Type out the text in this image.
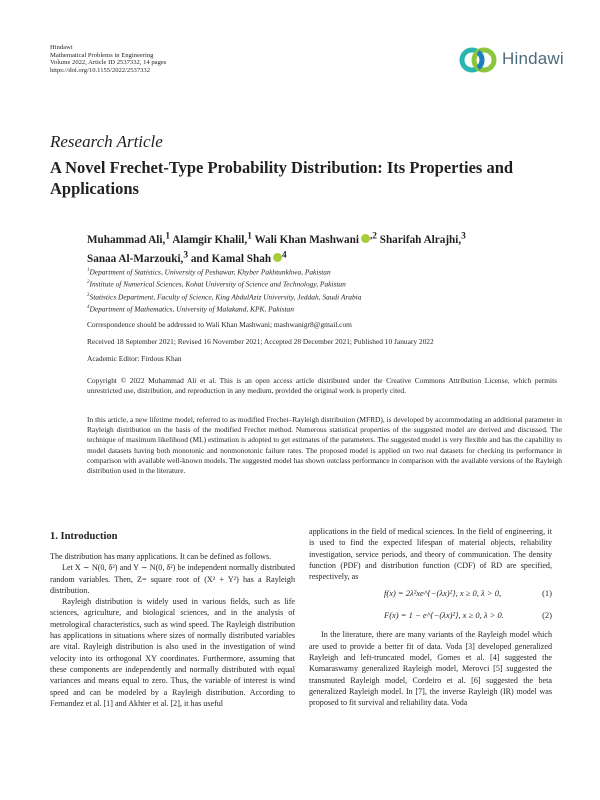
Hindawi
Mathematical Problems in Engineering
Volume 2022, Article ID 2537332, 14 pages
https://doi.org/10.1155/2022/2537332
Hindawi
Research Article
A Novel Frechet-Type Probability Distribution: Its Properties and Applications
Muhammad Ali,$^1$ Alamgir Khalil,$^1$ Wali Khan Mashwani $^{,2}$ Sharifah Alrajhi,$^3$
Sanaa Al-Marzouki,$^3$ and Kamal Shah $^4$
$^1$Department of Statistics, University of Peshawar, Khyber Pakhtunkhwa, Pakistan
$^2$Institute of Numerical Sciences, Kohat University of Science and Technology, Pakistan
$^3$Statistics Department, Faculty of Science, King AbdulAziz University, Jeddah, Saudi Arabia
$^4$Department of Mathematics, University of Malakand, KPK, Pakistan
Correspondence should be addressed to Wali Khan Mashwani; mashwanigr8@gmail.com
Received 18 September 2021; Revised 16 November 2021; Accepted 28 December 2021; Published 10 January 2022
Academic Editor: Firdous Khan
Copyright © 2022 Muhammad Ali et al. This is an open access article distributed under the Creative Commons Attribution License, which permits unrestricted use, distribution, and reproduction in any medium, provided the original work is properly cited.
In this article, a new lifetime model, referred to as modified Frechet–Rayleigh distribution (MFRD), is developed by accommodating an additional parameter in Rayleigh distribution on the basis of the modified Frechet method. Numerous statistical properties of the suggested model are derived and discussed. The technique of maximum likelihood (ML) estimation is adopted to get estimates of the parameters. The suggested model is very flexible and has the capability to model datasets having both monotonic and nonmonotonic failure rates. The proposed model is applied on two real datasets for checking its performance in comparison with available well-known models. The suggested model has shown outclass performance in comparison with the available versions of the Rayleigh distribution used in the literature.
1. Introduction

The distribution has many applications. It can be defined as follows.

Let X ∼ N(0, δ²) and Y ∼ N(0, δ²) be independent normally distributed random variables. Then, Z= square root of (X² + Y²) has a Rayleigh distribution.

Rayleigh distribution is widely used in various fields, such as life sciences, agriculture, and biological sciences, and in the analysis of metrological characteristics, such as wind speed. The Rayleigh distribution has applications in situations where sizes of normally distributed variables are vital. Rayleigh distribution is also used in the investigation of wind velocity into its orthogonal XY coordinates. Furthermore, assuming that these components are independently and normally distributed with equal variances and means equal to zero. Thus, the variable of interest is wind speed and can be modeled by a Rayleigh distribution. According to Fernandez et al. [1] and Akhter et al. [2], it has useful

applications in the field of medical sciences. In the field of engineering, it is used to find the expected lifespan of material objects, reliability investigation, service periods, and theory of communication. The density function (PDF) and distribution function (CDF) of RD are specified, respectively, as

f(x) = 2λ²xe^{−(λx)²}, x ≥ 0, λ > 0,	(1)
F(x) = 1 − e^{−(λx)²}, x ≥ 0, λ > 0.	(2)

In the literature, there are many variants of the Rayleigh model which are used to provide a better fit of data. Voda [3] developed generalized Rayleigh and left-truncated model, Gomes et al. [4] suggested the Kumaraswamy generalized Rayleigh model, Merovci [5] suggested the transmuted Rayleigh model, Cordeiro et al. [6] suggested the beta generalized Rayleigh model. In [7], the inverse Rayleigh (IR) model was proposed to fit survival and reliability data. Voda
